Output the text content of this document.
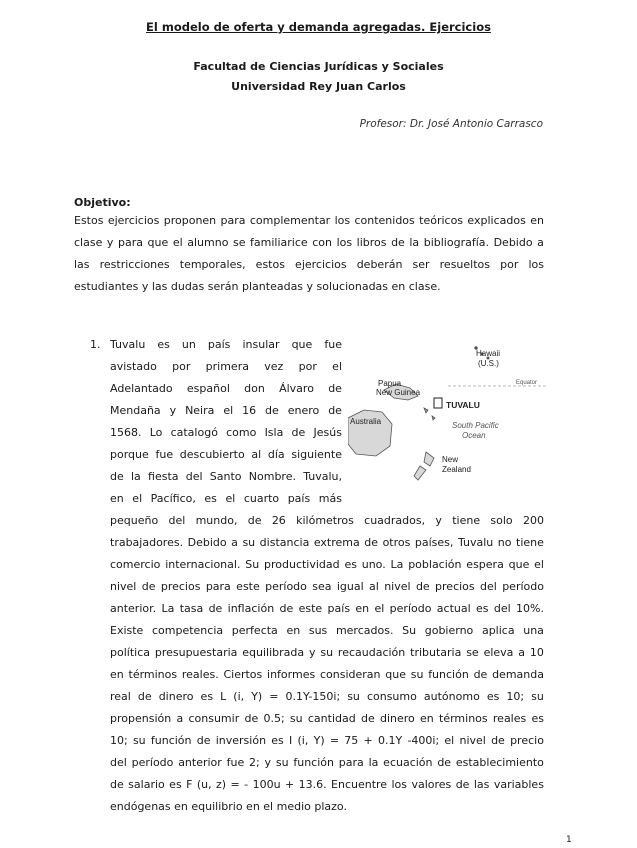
El modelo de oferta y demanda agregadas. Ejercicios
Facultad de Ciencias Jurídicas y Sociales
Universidad Rey Juan Carlos
Profesor: Dr. José Antonio Carrasco
Objetivo:
Estos ejercicios proponen para complementar los contenidos teóricos explicados en
clase y para que el alumno se familiarice con los libros de la bibliografía. Debido a
las restricciones temporales, estos ejercicios deberán ser resueltos por los
estudiantes y las dudas serán planteadas y solucionadas en clase.
1. Tuvalu es un país insular que fue
avistado por primera vez por el
Adelantado español don Álvaro de
Mendaña y Neira el 16 de enero de
1568. Lo catalogó como Isla de Jesús
porque fue descubierto al día siguiente
de la fiesta del Santo Nombre. Tuvalu,
en el Pacífico, es el cuarto país más
pequeño del mundo, de 26 kilómetros cuadrados, y tiene solo 200
trabajadores. Debido a su distancia extrema de otros países, Tuvalu no tiene
comercio internacional. Su productividad es uno. La población espera que el
nivel de precios para este período sea igual al nivel de precios del período
anterior. La tasa de inflación de este país en el período actual es del 10%.
Existe competencia perfecta en sus mercados. Su gobierno aplica una
política presupuestaria equilibrada y su recaudación tributaria se eleva a 10
en términos reales. Ciertos informes consideran que su función de demanda
real de dinero es L (i, Y) = 0.1Y-150i; su consumo autónomo es 10; su
propensión a consumir de 0.5; su cantidad de dinero en términos reales es
10; su función de inversión es I (i, Y) = 75 + 0.1Y -400i; el nivel de precio
del período anterior fue 2; y su función para la ecuación de establecimiento
de salario es F (u, z) = - 100u + 13.6. Encuentre los valores de las variables
endógenas en equilibrio en el medio plazo.
Hawaii
(U.S.)
Papua
New Guinea
Equator
TUVALU
Australia	South Pacific
Ocean
New
Zealand
1
